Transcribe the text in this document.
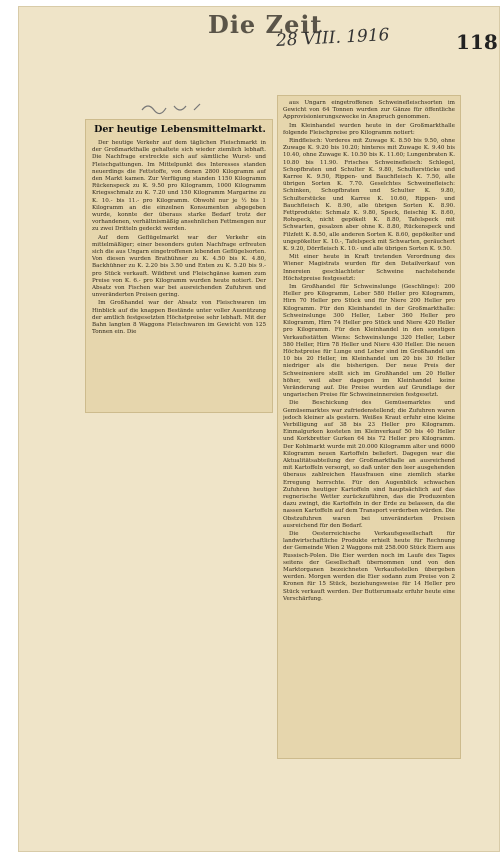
Die Zeit
28 VIII. 1916	118
Der heutige Lebensmittelmarkt.

Der heutige Verkehr auf dem täglichen Fleischmarkt in der Großmarkthalle gehaltete sich wieder ziemlich lebhaft. Die Nachfrage erstreckte sich auf sämtliche Wurst- und Fleischgattungen. Im Mittelpunkt des Interesses standen neuerdings die Fettstoffe, von denen 2800 Kilogramm auf den Markt kamen. Zur Verfügung standen 1150 Kilogramm Rückenspeck zu K. 9.50 pro Kilogramm, 1000 Kilogramm Kriegsschmalz zu K. 7.20 und 150 Kilogramm Margarine zu K. 10.- bis 11.- pro Kilogramm. Obwohl nur je ½ bis 1 Kilogramm an die einzelnen Konsumenten abgegeben wurde, konnte der überaus starke Bedarf trotz der vorhandenen, verhältnismäßig ansehnlichen Fettmengen nur zu zwei Dritteln gedeckt werden.

Auf dem Geflügelmarkt war der Verkehr ein mittelmäßiger; einer besonders guten Nachfrage erfreuten sich die aus Ungarn eingetroffenen lebenden Geflügelsorten. Von diesen wurden Brathühner zu K. 4.50 bis K. 4.80, Backhühner zu K. 2.20 bis 3.50 und Enten zu K. 5.20 bis 9.- pro Stück verkauft. Wildbret und Fleischgänse kamen zum Preise von K. 6.- pro Kilogramm wurden heute notiert. Der Absatz von Fischen war bei ausreichenden Zufuhren und unveränderten Preisen gering.

Im Großhandel war der Absatz von Fleischwaren im Hinblick auf die knappen Bestände unter voller Ausnützung der amtlich festgesetzten Höchstpreise sehr lebhaft. Mit der Bahn langten 8 Waggons Fleischwaren im Gewicht von 125 Tonnen ein. Die

aus Ungarn eingetroffenen Schweinefleischsorten im Gewicht von 64 Tonnen wurden zur Gänze für öffentliche Approvisionierungszwecke in Anspruch genommen.

Im Kleinhandel wurden heute in der Großmarkthalle folgende Fleischpreise pro Kilogramm notiert:

Rindfleisch: Vorderes mit Zuwage K. 8.50 bis 9.50, ohne Zuwage K. 9.20 bis 10.20; hinteres mit Zuwage K. 9.40 bis 10.40, ohne Zuwage K. 10.50 bis K. 11.60; Lungenbraten K. 10.80 bis 11.90. Frisches Schweinefleisch: Schlegel, Schopfbraten und Schulter K. 9.80, Schulterstücke und Karree K. 9.50, Rippen- und Bauchfleisch K. 7.50, alle übrigen Sorten K. 7.70. Geselchtes Schweinefleisch: Schinken, Schopfbraten und Schulter K. 9.80, Schulterstücke und Karree K. 10.60, Rippen- und Bauchfleisch K. 8.90, alle übrigen Sorten K. 8.90. Fettprodukte: Schmalz K. 9.80, Speck, fleischig K. 8.60, Rohspeck, nicht gepökelt K. 8.80, Tafelspeck mit Schwarten, gesalzen aber ohne K. 8.80, Rückenspeck und Filzfett K. 8.50, alle anderen Sorten K. 8.60, gepökelter und ungepökelter K. 10.-, Tafelspeck mit Schwarten, geräuchert K. 9.20, Dörrfleisch K. 10.- und alle übrigen Sorten K. 9.50.

Mit einer heute in Kraft tretenden Verordnung des Wiener Magistrats wurden für den Detailverkauf von Innereien geschlachteter Schweine nachstehende Höchstpreise festgesetzt:

Im Großhandel für Schweinslunge (Geschlinge): 200 Heller pro Kilogramm, Leber 580 Heller pro Kilogramm, Hirn 70 Heller pro Stück und für Niere 200 Heller pro Kilogramm. Für den Kleinhandel in der Großmarkthalle: Schweinslunge 300 Heller, Leber 360 Heller pro Kilogramm, Hirn 74 Heller pro Stück und Niere 420 Heller pro Kilogramm. Für den Kleinhandel in den sonstigen Verkaufsstätten Wiens: Schweinslunge 320 Heller, Leber 580 Heller, Hirn 78 Heller und Niere 430 Heller. Die neuen Höchstpreise für Lunge und Leber sind im Großhandel um 10 bis 20 Heller, im Kleinhandel um 20 bis 30 Heller niedriger als die bisherigen. Der neue Preis der Schweinsniere stellt sich im Großhandel um 20 Heller höher, weil aber dagegen im Kleinhandel keine Veränderung auf. Die Preise wurden auf Grundlage der ungarischen Preise für Schweineinnereien festgesetzt.

Die Beschickung des Gemüsemarktes und Gemüsemarktes war zufriedenstellend; die Zufuhren waren jedoch kleiner als gestern. Weißes Kraut erfuhr eine kleine Verbilligung auf 38 bis 23 Heller pro Kilogramm. Einmalgurken kosteten im Kleinverkauf 50 bis 40 Heller und Korkbretter Gurken 64 bis 72 Heller pro Kilogramm. Der Kohlmarkt wurde mit 20.000 Kilogramm alter und 6000 Kilogramm neuen Kartoffeln beliefert. Dagegen war die Aktualitätsabteilung der Großmarkthalle an ausreichend mit Kartoffeln versorgt, so daß unter den leer ausgehenden überaus zahlreichen Hausfrauen eine ziemlich starke Erregung herrschte. Für den Augenblick schwachen Zufuhren heutiger Kartoffeln sind hauptsächlich auf das regnerische Wetter zurückzuführen, das die Produzenten dazu zwingt, die Kartoffeln in der Erde zu belassen, da die nassen Kartoffeln auf dem Transport verderben würden. Die Obstzufuhren waren bei unveränderten Preisen ausreichend für den Bedarf.

Die Oesterreichische Verkaufsgesellschaft für landwirtschaftliche Produkte erhielt heute für Rechnung der Gemeinde Wien 2 Waggons mit 258.000 Stück Eiern aus Russisch-Polen. Die Eier werden noch im Laufe des Tages seitens der Gesellschaft übernommen und von den Marktorganen bezeichneten Verkaufsstellen übergeben werden. Morgen werden die Eier sodann zum Preise von 2 Kronen für 15 Stück, beziehungsweise für 14 Heller pro Stück verkauft werden. Der Butterumsatz erfuhr heute eine Verschärfung.
